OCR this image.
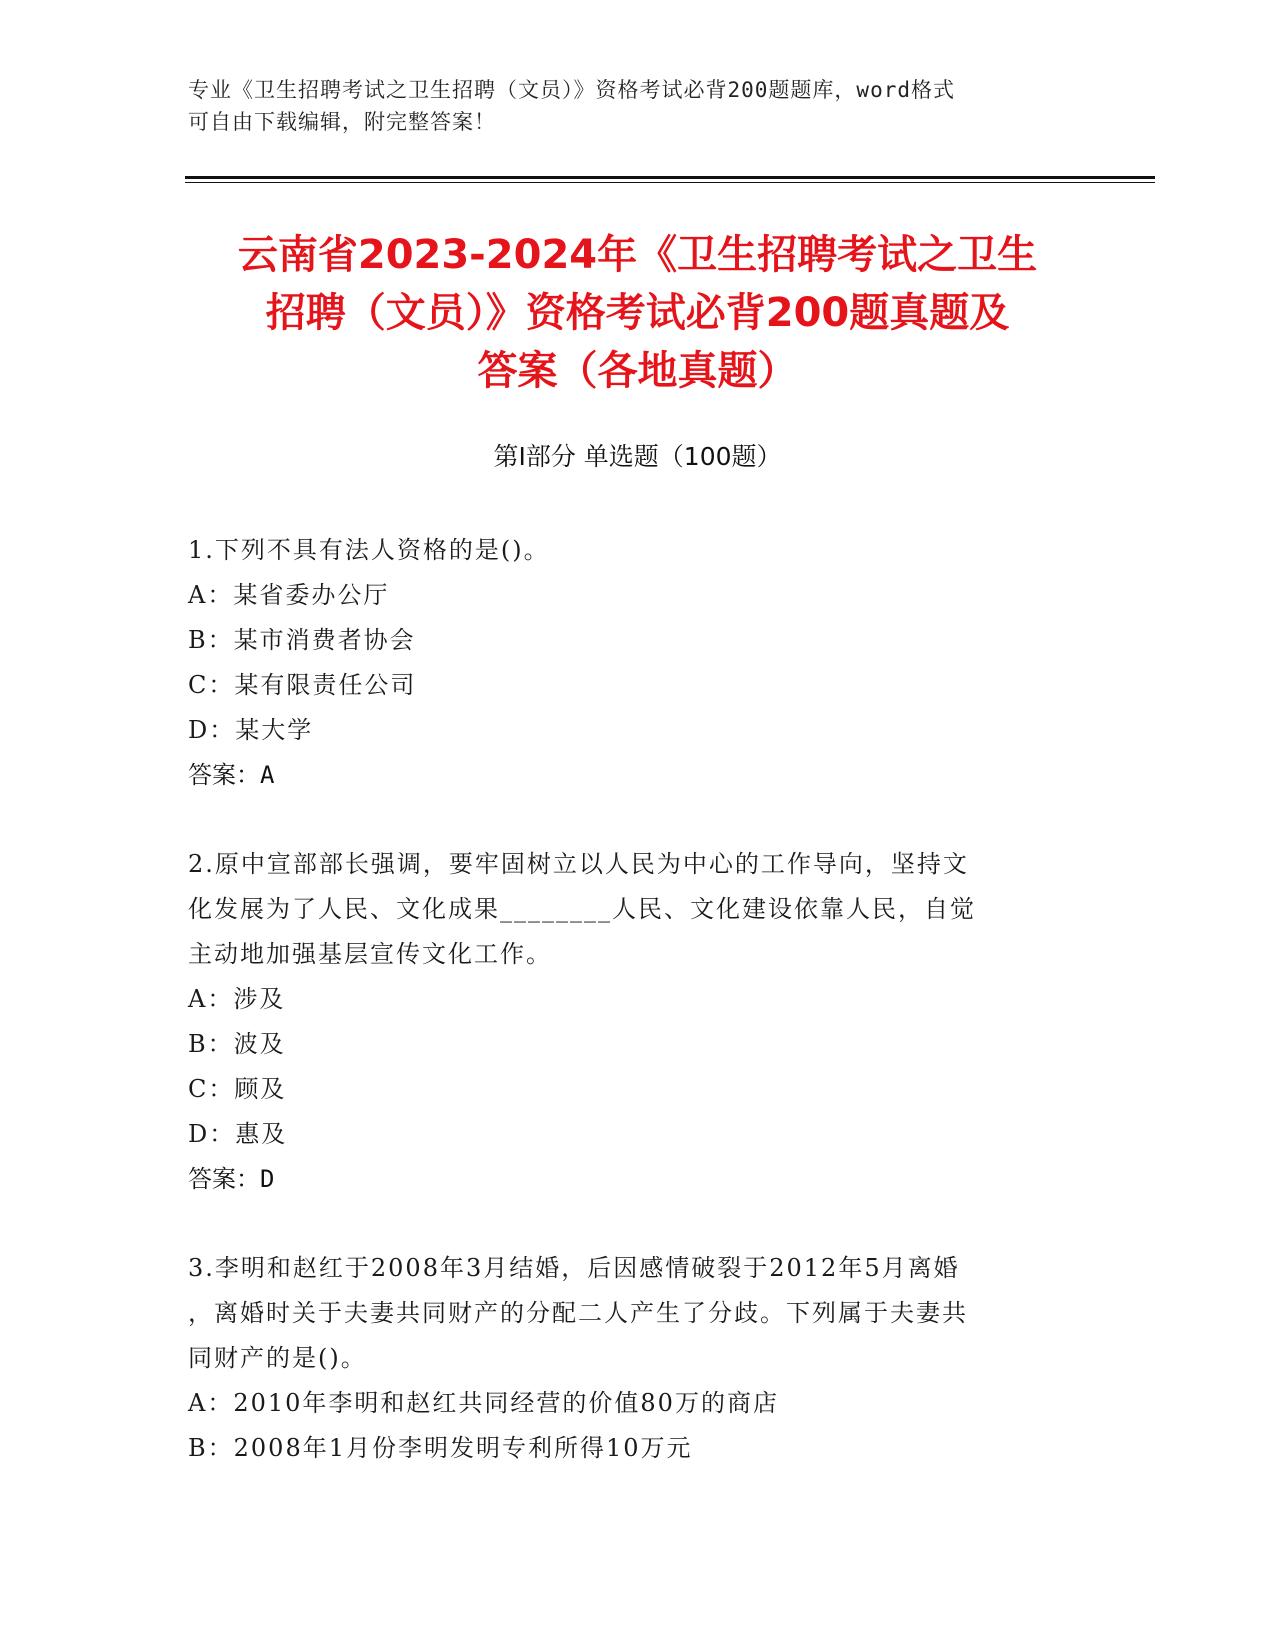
专业《卫生招聘考试之卫生招聘（文员）》资格考试必背200题题库，word格式
可自由下载编辑，附完整答案！
云南省2023-2024年《卫生招聘考试之卫生
招聘（文员）》资格考试必背200题真题及
答案（各地真题）
第I部分 单选题（100题）
1.下列不具有法人资格的是()。
A：某省委办公厅
B：某市消费者协会
C：某有限责任公司
D：某大学
答案：A
2.原中宣部部长强调，要牢固树立以人民为中心的工作导向，坚持文
化发展为了人民、文化成果________人民、文化建设依靠人民，自觉
主动地加强基层宣传文化工作。
A：涉及
B：波及
C：顾及
D：惠及
答案：D
3.李明和赵红于2008年3月结婚，后因感情破裂于2012年5月离婚
，离婚时关于夫妻共同财产的分配二人产生了分歧。下列属于夫妻共
同财产的是()。
A：2010年李明和赵红共同经营的价值80万的商店
B：2008年1月份李明发明专利所得10万元
